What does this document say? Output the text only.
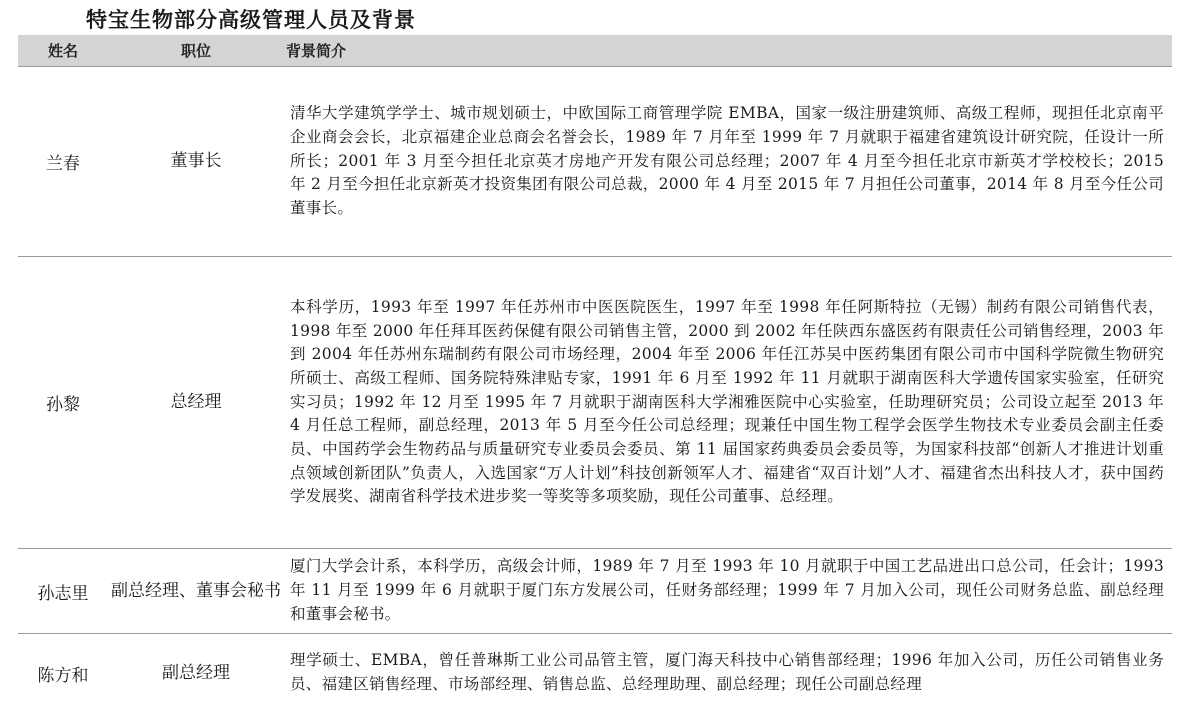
特宝生物部分高级管理人员及背景
姓名	职位	背景简介
兰春	董事长	清华大学建筑学学士、城市规划硕士，中欧国际工商管理学院 EMBA，国家一级注册建筑师、高级工程师，现担任北京南平企业商会会长，北京福建企业总商会名誉会长，1989 年 7 月年至 1999 年 7 月就职于福建省建筑设计研究院，任设计一所所长；2001 年 3 月至今担任北京英才房地产开发有限公司总经理；2007 年 4 月至今担任北京市新英才学校校长；2015 年 2 月至今担任北京新英才投资集团有限公司总裁，2000 年 4 月至 2015 年 7 月担任公司董事，2014 年 8 月至今任公司董事长。
孙黎	总经理	本科学历，1993 年至 1997 年任苏州市中医医院医生，1997 年至 1998 年任阿斯特拉（无锡）制药有限公司销售代表，1998 年至 2000 年任拜耳医药保健有限公司销售主管，2000 到 2002 年任陕西东盛医药有限责任公司销售经理，2003 年到 2004 年任苏州东瑞制药有限公司市场经理，2004 年至 2006 年任江苏吴中医药集团有限公司市中国科学院微生物研究所硕士、高级工程师、国务院特殊津贴专家，1991 年 6 月至 1992 年 11 月就职于湖南医科大学遗传国家实验室，任研究实习员；1992 年 12 月至 1995 年 7 月就职于湖南医科大学湘雅医院中心实验室，任助理研究员；公司设立起至 2013 年 4 月任总工程师，副总经理，2013 年 5 月至今任公司总经理；现兼任中国生物工程学会医学生物技术专业委员会副主任委员、中国药学会生物药品与质量研究专业委员会委员、第 11 届国家药典委员会委员等，为国家科技部“创新人才推进计划重点领域创新团队”负责人，入选国家“万人计划”科技创新领军人才、福建省“双百计划”人才、福建省杰出科技人才，获中国药学发展奖、湖南省科学技术进步奖一等奖等多项奖励，现任公司董事、总经理。
孙志里	副总经理、董事会秘书	厦门大学会计系，本科学历，高级会计师，1989 年 7 月至 1993 年 10 月就职于中国工艺品进出口总公司，任会计；1993 年 11 月至 1999 年 6 月就职于厦门东方发展公司，任财务部经理；1999 年 7 月加入公司，现任公司财务总监、副总经理和董事会秘书。
陈方和	副总经理	理学硕士、EMBA，曾任普琳斯工业公司品管主管，厦门海天科技中心销售部经理；1996 年加入公司，历任公司销售业务员、福建区销售经理、市场部经理、销售总监、总经理助理、副总经理；现任公司副总经理
